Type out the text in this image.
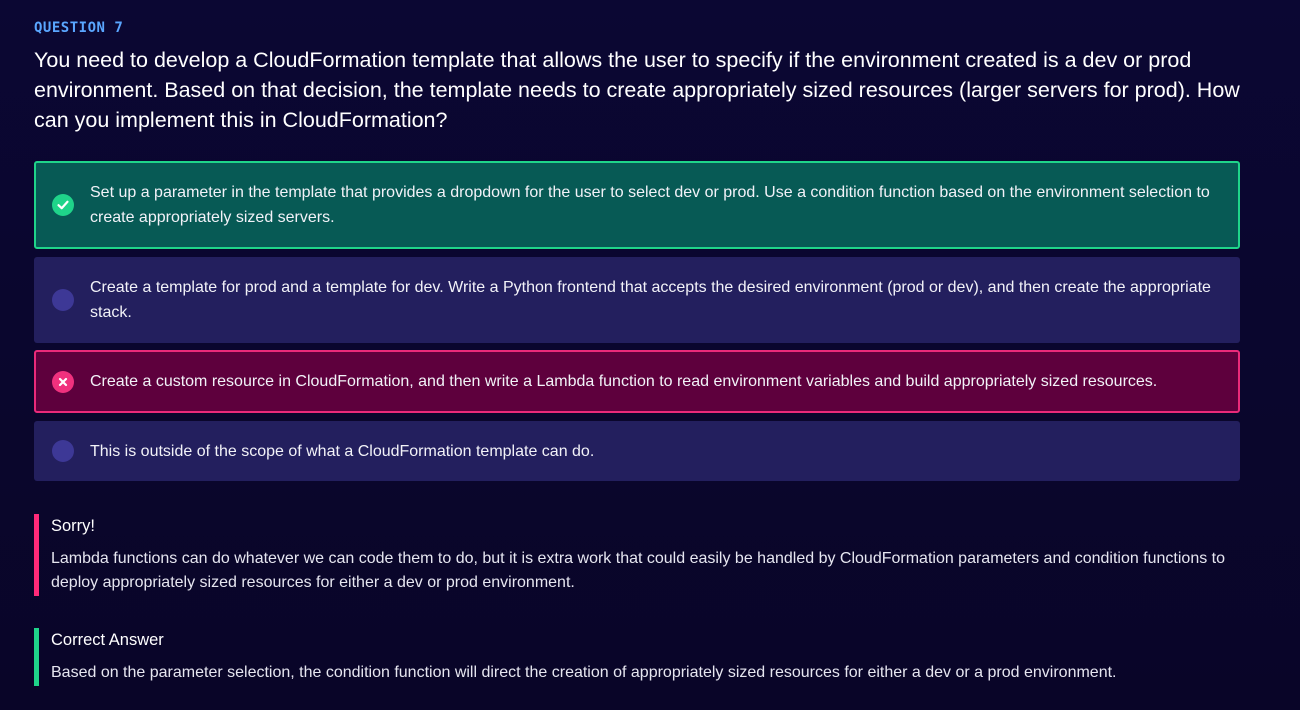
QUESTION 7
You need to develop a CloudFormation template that allows the user to specify if the environment created is a dev or prod environment. Based on that decision, the template needs to create appropriately sized resources (larger servers for prod). How can you implement this in CloudFormation?
Set up a parameter in the template that provides a dropdown for the user to select dev or prod. Use a condition function based on the environment selection to create appropriately sized servers.
Create a template for prod and a template for dev. Write a Python frontend that accepts the desired environment (prod or dev), and then create the appropriate stack.
Create a custom resource in CloudFormation, and then write a Lambda function to read environment variables and build appropriately sized resources.
This is outside of the scope of what a CloudFormation template can do.
Sorry!
Lambda functions can do whatever we can code them to do, but it is extra work that could easily be handled by CloudFormation parameters and condition functions to deploy appropriately sized resources for either a dev or prod environment.
Correct Answer
Based on the parameter selection, the condition function will direct the creation of appropriately sized resources for either a dev or a prod environment.
